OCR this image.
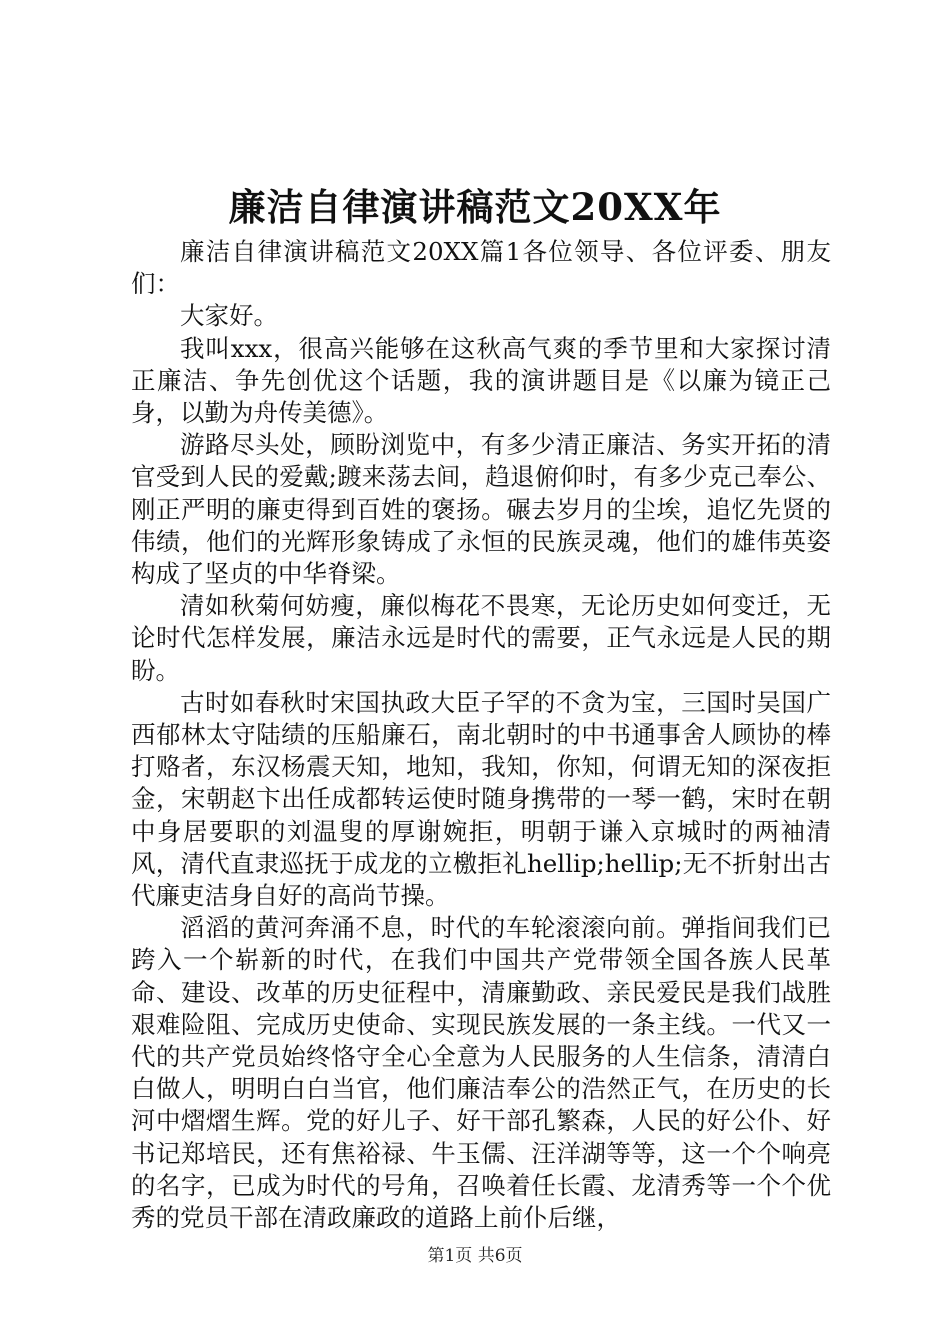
廉洁自律演讲稿范文20XX年

廉洁自律演讲稿范文20XX篇1各位领导、各位评委、朋友们：

大家好。

我叫xxx，很高兴能够在这秋高气爽的季节里和大家探讨清正廉洁、争先创优这个话题，我的演讲题目是《以廉为镜正己身，以勤为舟传美德》。

游路尽头处，顾盼浏览中，有多少清正廉洁、务实开拓的清官受到人民的爱戴;踱来荡去间，趋退俯仰时，有多少克己奉公、刚正严明的廉吏得到百姓的褒扬。碾去岁月的尘埃，追忆先贤的伟绩，他们的光辉形象铸成了永恒的民族灵魂，他们的雄伟英姿构成了坚贞的中华脊梁。

清如秋菊何妨瘦，廉似梅花不畏寒，无论历史如何变迁，无论时代怎样发展，廉洁永远是时代的需要，正气永远是人民的期盼。

古时如春秋时宋国执政大臣子罕的不贪为宝，三国时吴国广西郁林太守陆绩的压船廉石，南北朝时的中书通事舍人顾协的棒打赂者，东汉杨震天知，地知，我知，你知，何谓无知的深夜拒金，宋朝赵卞出任成都转运使时随身携带的一琴一鹤，宋时在朝中身居要职的刘温叟的厚谢婉拒，明朝于谦入京城时的两袖清风，清代直隶巡抚于成龙的立檄拒礼hellip;hellip;无不折射出古代廉吏洁身自好的高尚节操。

滔滔的黄河奔涌不息，时代的车轮滚滚向前。弹指间我们已跨入一个崭新的时代，在我们中国共产党带领全国各族人民革命、建设、改革的历史征程中，清廉勤政、亲民爱民是我们战胜艰难险阻、完成历史使命、实现民族发展的一条主线。一代又一代的共产党员始终恪守全心全意为人民服务的人生信条，清清白白做人，明明白白当官，他们廉洁奉公的浩然正气，在历史的长河中熠熠生辉。党的好儿子、好干部孔繁森，人民的好公仆、好书记郑培民，还有焦裕禄、牛玉儒、汪洋湖等等，这一个个响亮的名字，已成为时代的号角，召唤着任长霞、龙清秀等一个个优秀的党员干部在清政廉政的道路上前仆后继，

第1页 共6页
